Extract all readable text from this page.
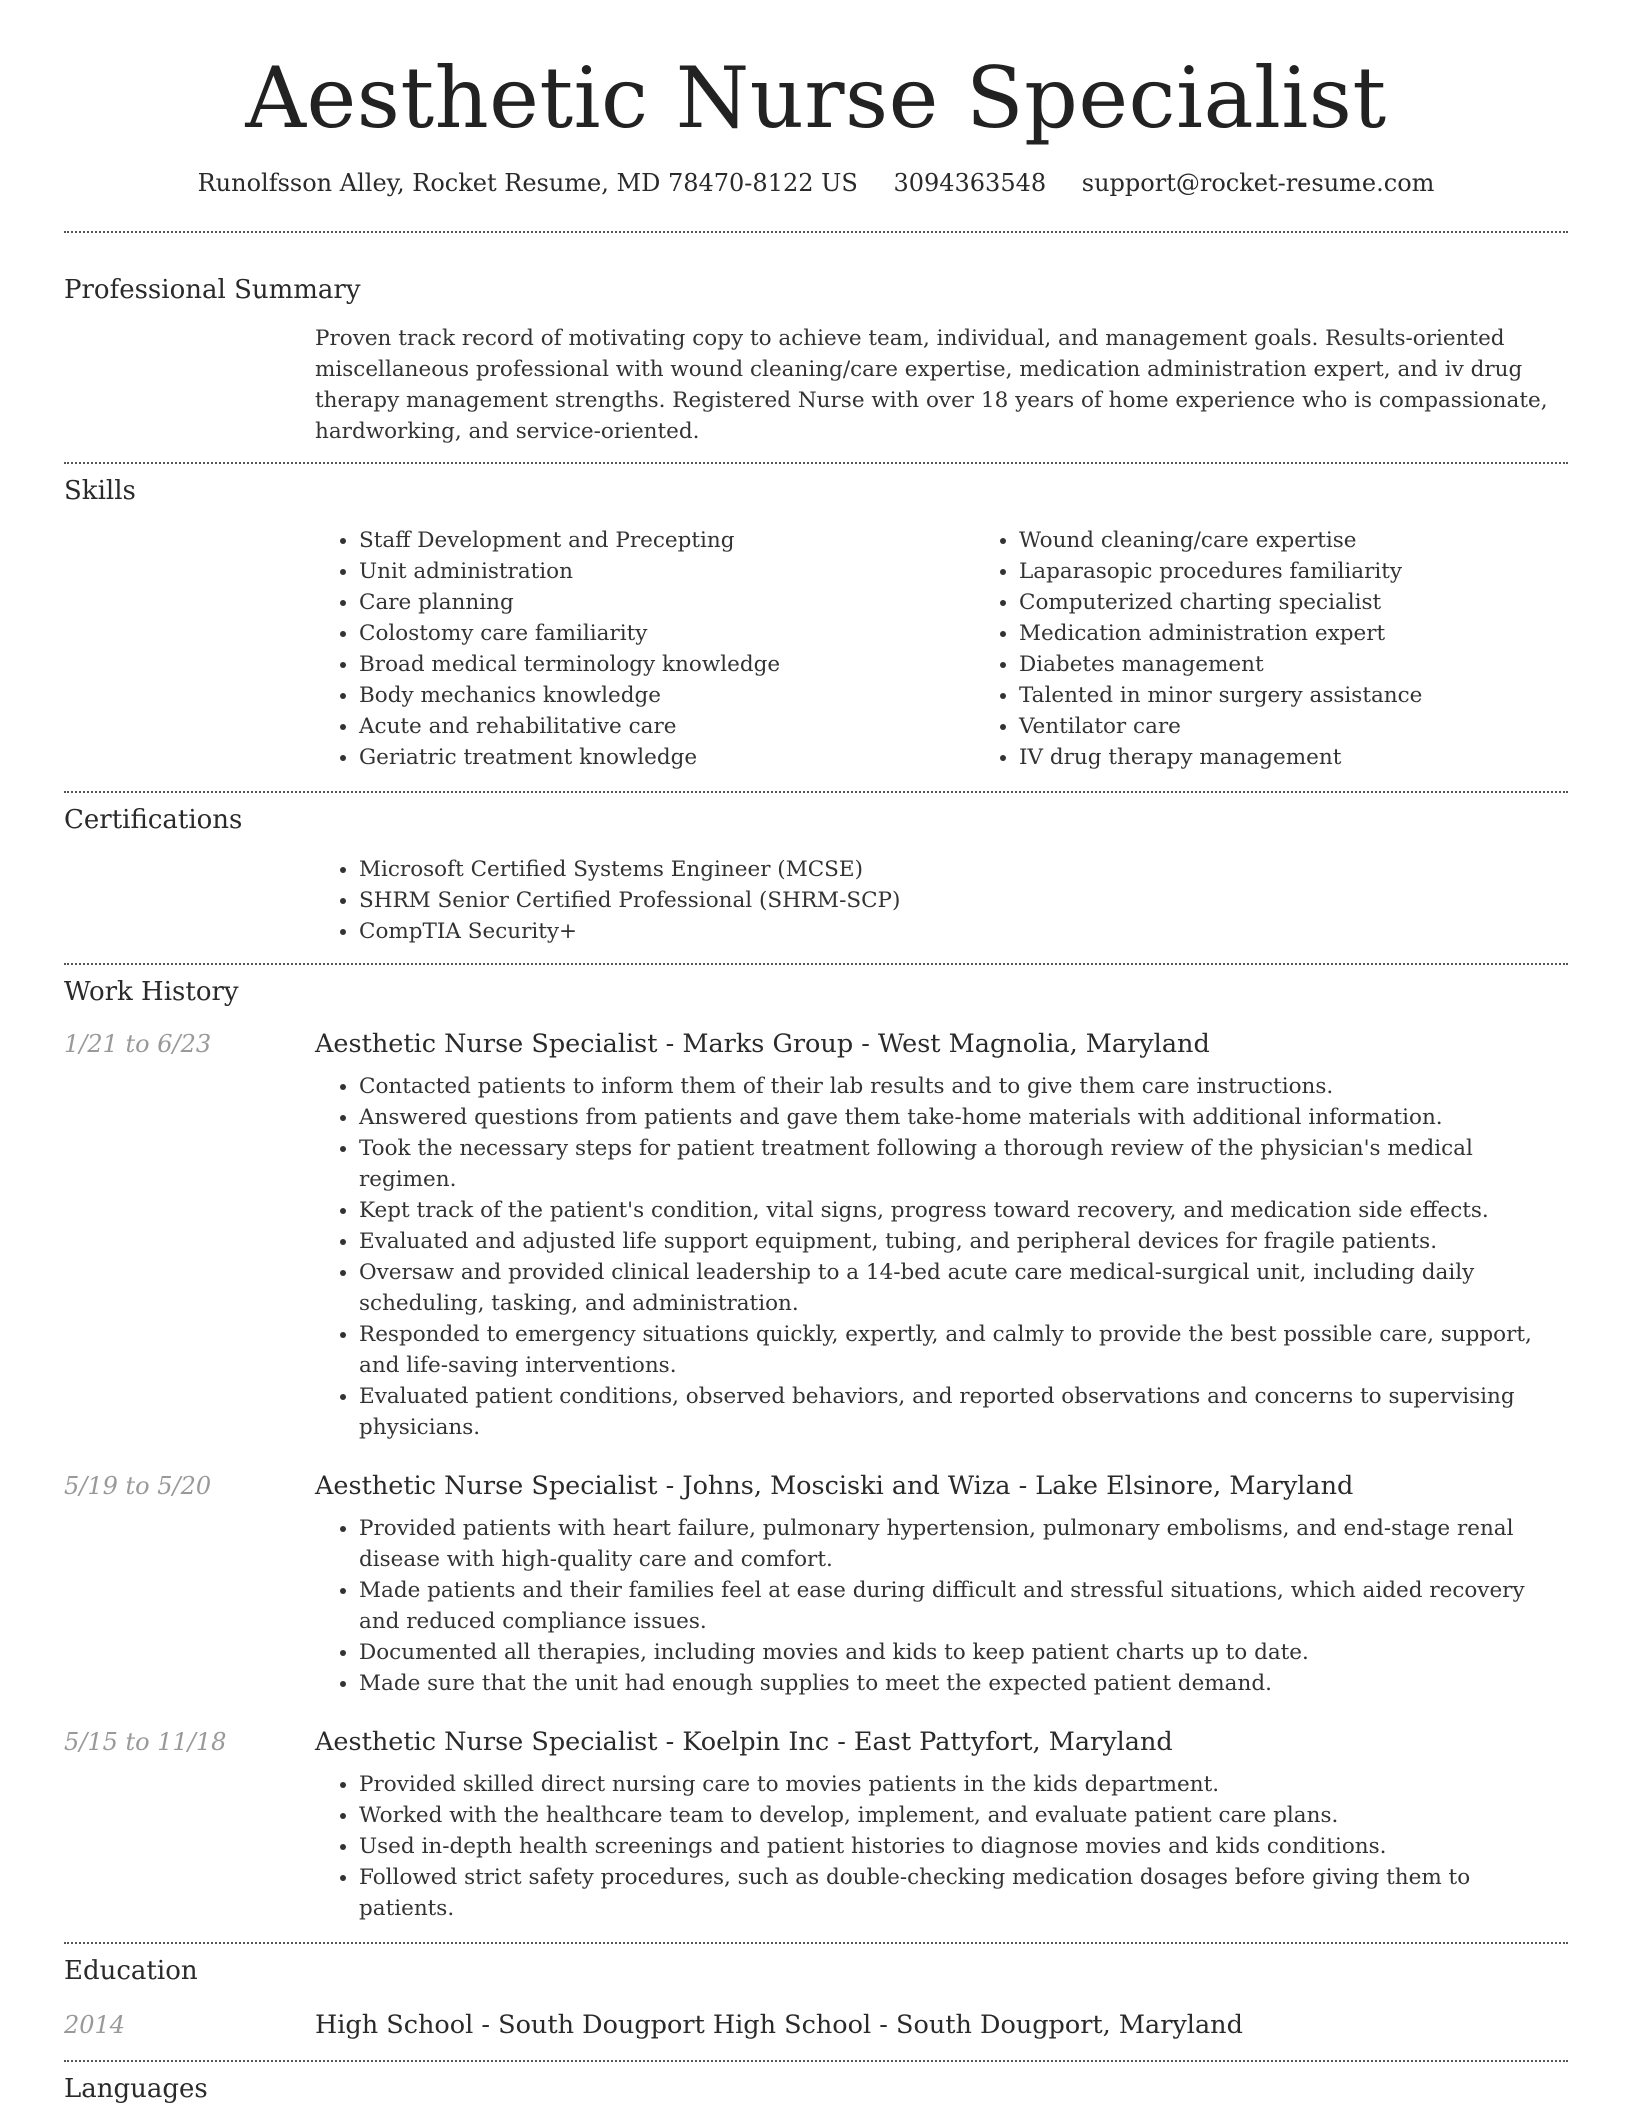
Aesthetic Nurse Specialist
Runolfsson Alley, Rocket Resume, MD 78470-8122 US 3094363548 support@rocket-resume.com
Professional Summary
Proven track record of motivating copy to achieve team, individual, and management goals. Results-oriented miscellaneous professional with wound cleaning/care expertise, medication administration expert, and iv drug therapy management strengths. Registered Nurse with over 18 years of home experience who is compassionate, hardworking, and service-oriented.
Skills
• Staff Development and Precepting
• Unit administration
• Care planning
• Colostomy care familiarity
• Broad medical terminology knowledge
• Body mechanics knowledge
• Acute and rehabilitative care
• Geriatric treatment knowledge
• Wound cleaning/care expertise
• Laparasopic procedures familiarity
• Computerized charting specialist
• Medication administration expert
• Diabetes management
• Talented in minor surgery assistance
• Ventilator care
• IV drug therapy management
Certifications
• Microsoft Certified Systems Engineer (MCSE)
• SHRM Senior Certified Professional (SHRM-SCP)
• CompTIA Security+
Work History
1/21 to 6/23	Aesthetic Nurse Specialist - Marks Group - West Magnolia, Maryland
• Contacted patients to inform them of their lab results and to give them care instructions.
• Answered questions from patients and gave them take-home materials with additional information.
• Took the necessary steps for patient treatment following a thorough review of the physician's medical regimen.
• Kept track of the patient's condition, vital signs, progress toward recovery, and medication side effects.
• Evaluated and adjusted life support equipment, tubing, and peripheral devices for fragile patients.
• Oversaw and provided clinical leadership to a 14-bed acute care medical-surgical unit, including daily scheduling, tasking, and administration.
• Responded to emergency situations quickly, expertly, and calmly to provide the best possible care, support, and life-saving interventions.
• Evaluated patient conditions, observed behaviors, and reported observations and concerns to supervising physicians.
5/19 to 5/20	Aesthetic Nurse Specialist - Johns, Mosciski and Wiza - Lake Elsinore, Maryland
• Provided patients with heart failure, pulmonary hypertension, pulmonary embolisms, and end-stage renal disease with high-quality care and comfort.
• Made patients and their families feel at ease during difficult and stressful situations, which aided recovery and reduced compliance issues.
• Documented all therapies, including movies and kids to keep patient charts up to date.
• Made sure that the unit had enough supplies to meet the expected patient demand.
5/15 to 11/18	Aesthetic Nurse Specialist - Koelpin Inc - East Pattyfort, Maryland
• Provided skilled direct nursing care to movies patients in the kids department.
• Worked with the healthcare team to develop, implement, and evaluate patient care plans.
• Used in-depth health screenings and patient histories to diagnose movies and kids conditions.
• Followed strict safety procedures, such as double-checking medication dosages before giving them to patients.
Education
2014	High School - South Dougport High School - South Dougport, Maryland
Languages
